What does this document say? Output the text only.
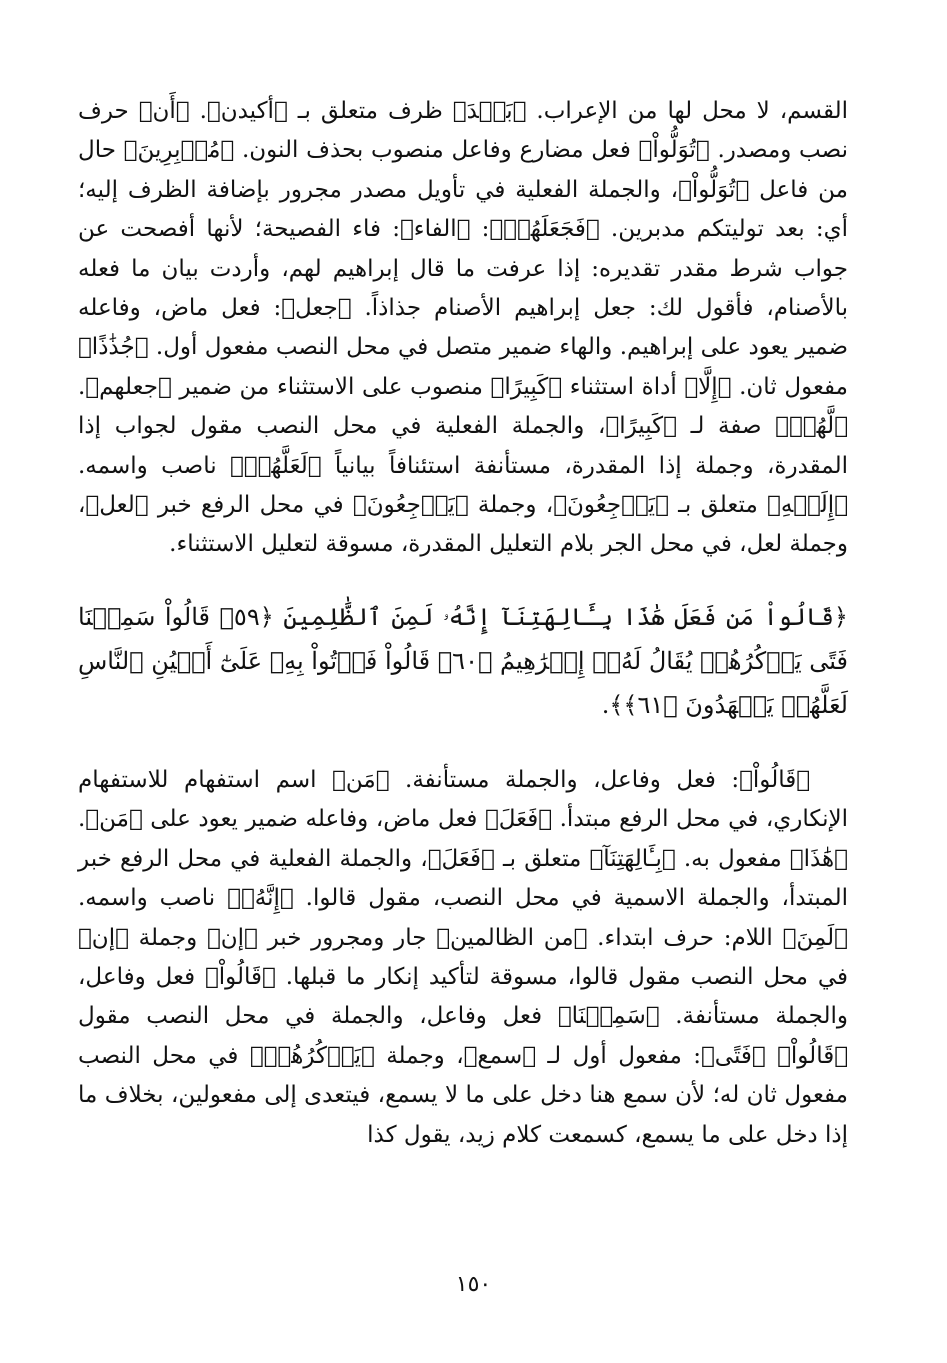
القسم، لا محل لها من الإعراب. ﴿بَعۡدَ﴾ ظرف متعلق بـ ﴿أكيدن﴾. ﴿أَن﴾ حرف نصب ومصدر. ﴿تُوَلُّواْ﴾ فعل مضارع وفاعل منصوب بحذف النون. ﴿مُدۡبِرِينَ﴾ حال من فاعل ﴿تُوَلُّواْ﴾، والجملة الفعلية في تأويل مصدر مجرور بإضافة الظرف إليه؛ أي: بعد توليتكم مدبرين. ﴿فَجَعَلَهُمۡ﴾: ﴿الفاء﴾: فاء الفصيحة؛ لأنها أفصحت عن جواب شرط مقدر تقديره: إذا عرفت ما قال إبراهيم لهم، وأردت بيان ما فعله بالأصنام، فأقول لك: جعل إبراهيم الأصنام جذاذاً. ﴿جعل﴾: فعل ماض، وفاعله ضمير يعود على إبراهيم. والهاء ضمير متصل في محل النصب مفعول أول. ﴿جُذَٰذًا﴾ مفعول ثان. ﴿إِلَّا﴾ أداة استثناء ﴿كَبِيرًا﴾ منصوب على الاستثناء من ضمير ﴿جعلهم﴾. ﴿لَّهُمۡ﴾ صفة لـ ﴿كَبِيرًا﴾، والجملة الفعلية في محل النصب مقول لجواب إذا المقدرة، وجملة إذا المقدرة، مستأنفة استئنافاً بيانياً ﴿لَعَلَّهُمۡ﴾ ناصب واسمه. ﴿إِلَيۡهِ﴾ متعلق بـ ﴿يَرۡجِعُونَ﴾، وجملة ﴿يَرۡجِعُونَ﴾ في محل الرفع خبر ﴿لعل﴾، وجملة لعل، في محل الجر بلام التعليل المقدرة، مسوقة لتعليل الاستثناء.

﴿قَالُواْ مَن فَعَلَ هَٰذَا بِـَٔالِهَتِنَآ إِنَّهُۥ لَمِنَ ٱلظَّٰلِمِينَ ﴿٥٩﴾ قَالُواْ سَمِعۡنَا فَتًى يَذۡكُرُهُمۡ يُقَالُ لَهُۥٓ إِبۡرَٰهِيمُ ﴿٦٠﴾ قَالُواْ فَأۡتُواْ بِهِۦ عَلَىٰٓ أَعۡيُنِ ٱلنَّاسِ لَعَلَّهُمۡ يَشۡهَدُونَ ﴿٦١﴾﴾.

﴿قَالُواْ﴾: فعل وفاعل، والجملة مستأنفة. ﴿مَن﴾ اسم استفهام للاستفهام الإنكاري، في محل الرفع مبتدأ. ﴿فَعَلَ﴾ فعل ماض، وفاعله ضمير يعود على ﴿مَن﴾. ﴿هَٰذَا﴾ مفعول به. ﴿بِـَٔالِهَتِنَآ﴾ متعلق بـ ﴿فَعَلَ﴾، والجملة الفعلية في محل الرفع خبر المبتدأ، والجملة الاسمية في محل النصب، مقول قالوا. ﴿إِنَّهُۥ﴾ ناصب واسمه. ﴿لَمِنَ﴾ اللام: حرف ابتداء. ﴿من الظالمين﴾ جار ومجرور خبر ﴿إن﴾ وجملة ﴿إن﴾ في محل النصب مقول قالوا، مسوقة لتأكيد إنكار ما قبلها. ﴿قَالُواْ﴾ فعل وفاعل، والجملة مستأنفة. ﴿سَمِعۡنَا﴾ فعل وفاعل، والجملة في محل النصب مقول ﴿قَالُواْ﴾ ﴿فَتًى﴾: مفعول أول لـ ﴿سمع﴾، وجملة ﴿يَذۡكُرُهُمۡ﴾ في محل النصب مفعول ثان له؛ لأن سمع هنا دخل على ما لا يسمع، فيتعدى إلى مفعولين، بخلاف ما إذا دخل على ما يسمع، كسمعت كلام زيد، يقول كذا

١٥٠
